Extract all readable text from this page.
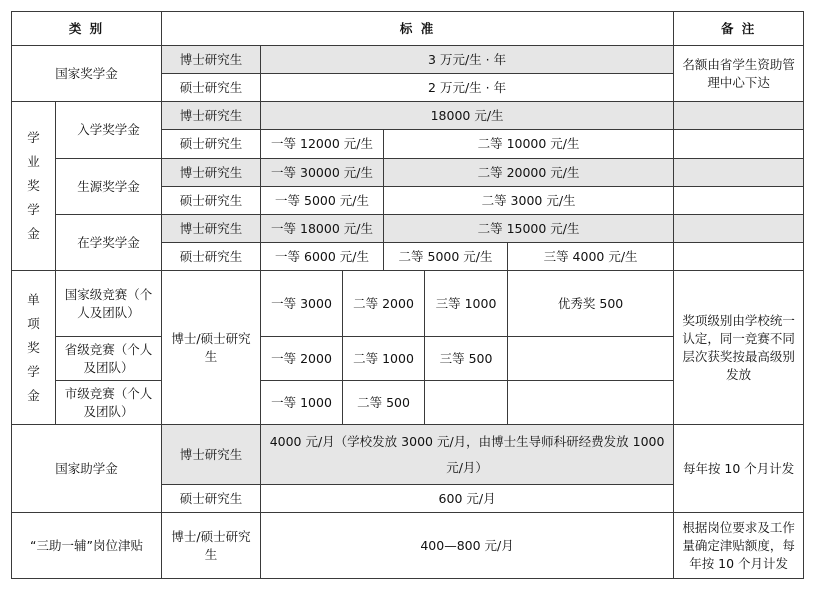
类 别		标 准						备 注
国家奖学金		博士研究生	3 万元/生 · 年					名额由省学生资助管理中心下达
		硕士研究生	2 万元/生 · 年					
学业奖学金	入学奖学金	博士研究生	18000 元/生					
		硕士研究生	一等 12000 元/生		二等 10000 元/生			
	生源奖学金	博士研究生	一等 30000 元/生		二等 20000 元/生			
		硕士研究生	一等 5000 元/生		二等 3000 元/生			
	在学奖学金	博士研究生	一等 18000 元/生		二等 15000 元/生			
		硕士研究生	一等 6000 元/生		二等 5000 元/生		三等 4000 元/生	
单项奖学金	国家级竞赛（个人及团队）	博士/硕士研究生	一等 3000	二等 2000		三等 1000	优秀奖 500	奖项级别由学校统一认定，同一竞赛不同层次获奖按最高级别发放
	省级竞赛（个人及团队）		一等 2000	二等 1000		三等 500		
	市级竞赛（个人及团队）		一等 1000	二等 500				
国家助学金		博士研究生	4000 元/月（学校发放 3000 元/月，由博士生导师科研经费发放 1000 元/月）					每年按 10 个月计发
		硕士研究生	600 元/月					
“三助一辅”岗位津贴		博士/硕士研究生	400—800 元/月					根据岗位要求及工作量确定津贴额度，每年按 10 个月计发
